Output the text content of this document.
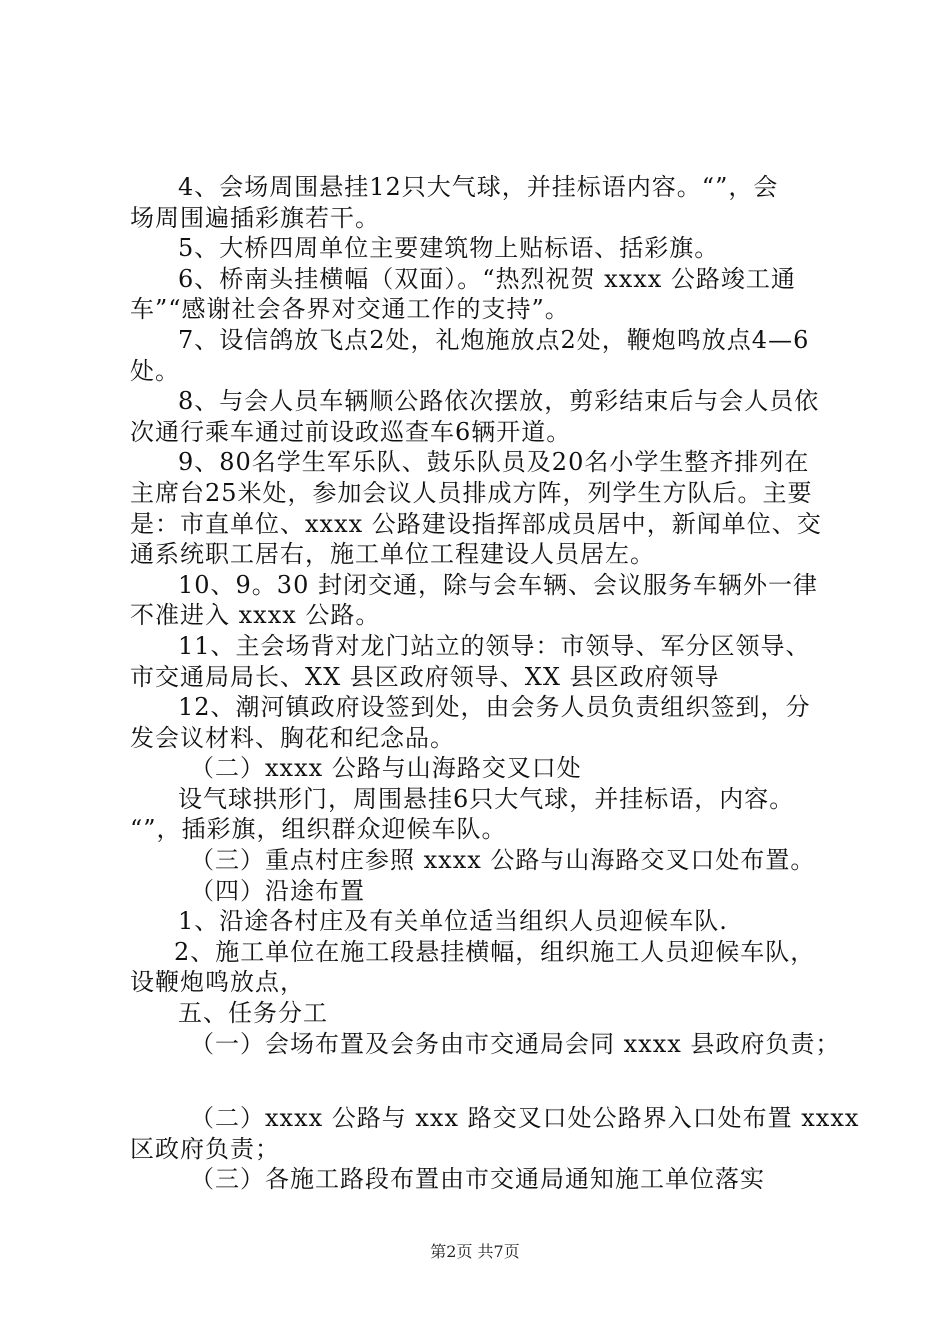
4、会场周围悬挂12只大气球，并挂标语内容。“”，会
场周围遍插彩旗若干。
5、大桥四周单位主要建筑物上贴标语、括彩旗。
6、桥南头挂横幅（双面）。“热烈祝贺 xxxx 公路竣工通
车”“感谢社会各界对交通工作的支持”。
7、设信鸽放飞点2处，礼炮施放点2处，鞭炮鸣放点4—6
处。
8、与会人员车辆顺公路依次摆放，剪彩结束后与会人员依
次通行乘车通过前设政巡查车6辆开道。
9、80名学生军乐队、鼓乐队员及20名小学生整齐排列在
主席台25米处，参加会议人员排成方阵，列学生方队后。主要
是：市直单位、xxxx 公路建设指挥部成员居中，新闻单位、交
通系统职工居右，施工单位工程建设人员居左。
10、9。30 封闭交通，除与会车辆、会议服务车辆外一律
不准进入 xxxx 公路。
11、主会场背对龙门站立的领导：市领导、军分区领导、
市交通局局长、XX 县区政府领导、XX 县区政府领导
12、潮河镇政府设签到处，由会务人员负责组织签到，分
发会议材料、胸花和纪念品。
（二）xxxx 公路与山海路交叉口处
设气球拱形门，周围悬挂6只大气球，并挂标语，内容。
“”，插彩旗，组织群众迎候车队。
（三）重点村庄参照 xxxx 公路与山海路交叉口处布置。
（四）沿途布置
1、沿途各村庄及有关单位适当组织人员迎候车队.
2、施工单位在施工段悬挂横幅，组织施工人员迎候车队，
设鞭炮鸣放点，
五、任务分工
（一）会场布置及会务由市交通局会同 xxxx 县政府负责；
（二）xxxx 公路与 xxx 路交叉口处公路界入口处布置 xxxx
区政府负责；
（三）各施工路段布置由市交通局通知施工单位落实
第2页 共7页
